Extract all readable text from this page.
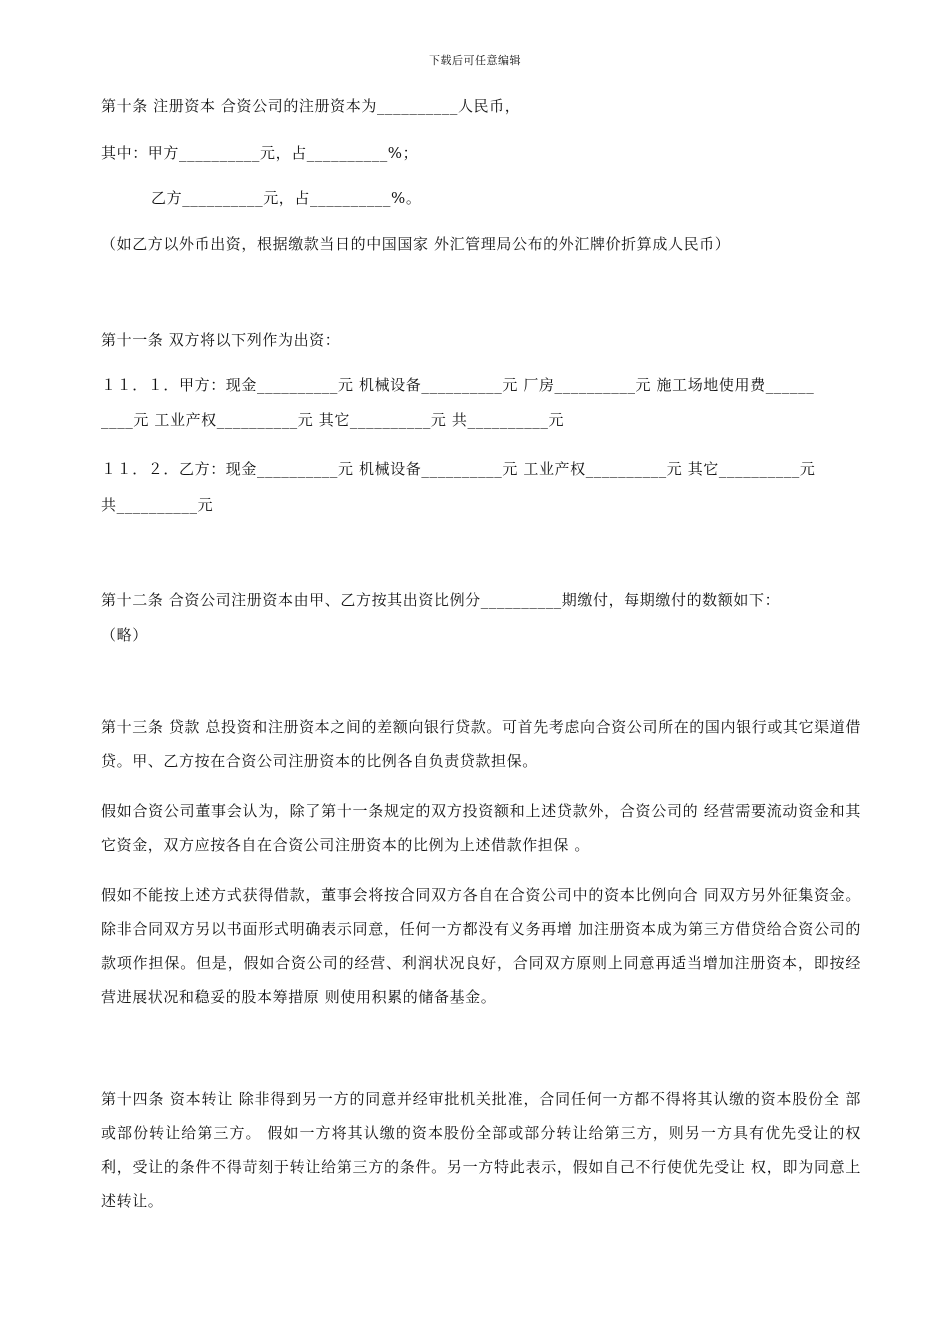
下载后可任意编辑
第十条 注册资本 合资公司的注册资本为__________人民币，
其中：甲方__________元，占__________%；
乙方__________元，占__________%。
（如乙方以外币出资，根据缴款当日的中国国家 外汇管理局公布的外汇牌价折算成人民币）
第十一条 双方将以下列作为出资：
１１．１．甲方：现金__________元 机械设备__________元 厂房__________元 施工场地使用费______
____元 工业产权__________元 其它__________元 共__________元
１１．２．乙方：现金__________元 机械设备__________元 工业产权__________元 其它__________元
共__________元
第十二条 合资公司注册资本由甲、乙方按其出资比例分__________期缴付，每期缴付的数额如下：
（略）
第十三条 贷款 总投资和注册资本之间的差额向银行贷款。可首先考虑向合资公司所在的国内银行或其它渠道借贷。甲、乙方按在合资公司注册资本的比例各自负责贷款担保。
假如合资公司董事会认为，除了第十一条规定的双方投资额和上述贷款外，合资公司的 经营需要流动资金和其它资金，双方应按各自在合资公司注册资本的比例为上述借款作担保 。
假如不能按上述方式获得借款，董事会将按合同双方各自在合资公司中的资本比例向合 同双方另外征集资金。除非合同双方另以书面形式明确表示同意，任何一方都没有义务再增 加注册资本成为第三方借贷给合资公司的款项作担保。但是，假如合资公司的经营、利润状况良好，合同双方原则上同意再适当增加注册资本，即按经营进展状况和稳妥的股本筹措原 则使用积累的储备基金。
第十四条 资本转让 除非得到另一方的同意并经审批机关批准，合同任何一方都不得将其认缴的资本股份全 部或部份转让给第三方。 假如一方将其认缴的资本股份全部或部分转让给第三方，则另一方具有优先受让的权利，受让的条件不得苛刻于转让给第三方的条件。另一方特此表示，假如自己不行使优先受让 权，即为同意上述转让。
